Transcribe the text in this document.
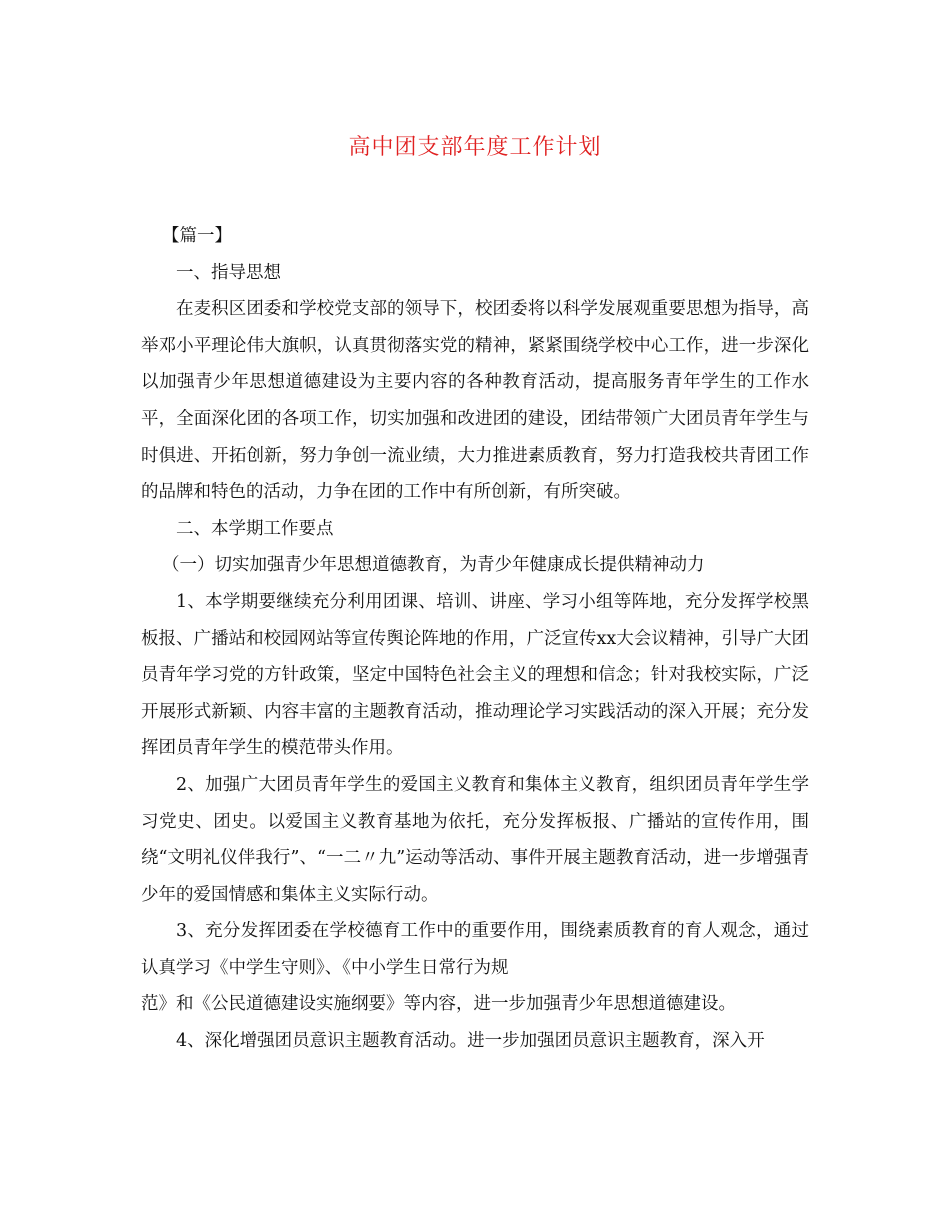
高中团支部年度工作计划

【篇一】

一、指导思想

在麦积区团委和学校党支部的领导下，校团委将以科学发展观重要思想为指导，高举邓小平理论伟大旗帜，认真贯彻落实党的精神，紧紧围绕学校中心工作，进一步深化以加强青少年思想道德建设为主要内容的各种教育活动，提高服务青年学生的工作水平，全面深化团的各项工作，切实加强和改进团的建设，团结带领广大团员青年学生与时俱进、开拓创新，努力争创一流业绩，大力推进素质教育，努力打造我校共青团工作的品牌和特色的活动，力争在团的工作中有所创新，有所突破。

二、本学期工作要点

（一）切实加强青少年思想道德教育，为青少年健康成长提供精神动力

1、本学期要继续充分利用团课、培训、讲座、学习小组等阵地，充分发挥学校黑板报、广播站和校园网站等宣传舆论阵地的作用，广泛宣传xx大会议精神，引导广大团员青年学习党的方针政策，坚定中国特色社会主义的理想和信念；针对我校实际，广泛开展形式新颖、内容丰富的主题教育活动，推动理论学习实践活动的深入开展；充分发挥团员青年学生的模范带头作用。

2、加强广大团员青年学生的爱国主义教育和集体主义教育，组织团员青年学生学习党史、团史。以爱国主义教育基地为依托，充分发挥板报、广播站的宣传作用，围绕“文明礼仪伴我行”、“一二〃九”运动等活动、事件开展主题教育活动，进一步增强青少年的爱国情感和集体主义实际行动。

3、充分发挥团委在学校德育工作中的重要作用，围绕素质教育的育人观念，通过认真学习《中学生守则》、《中小学生日常行为规

范》和《公民道德建设实施纲要》等内容，进一步加强青少年思想道德建设。

4、深化增强团员意识主题教育活动。进一步加强团员意识主题教育，深入开
